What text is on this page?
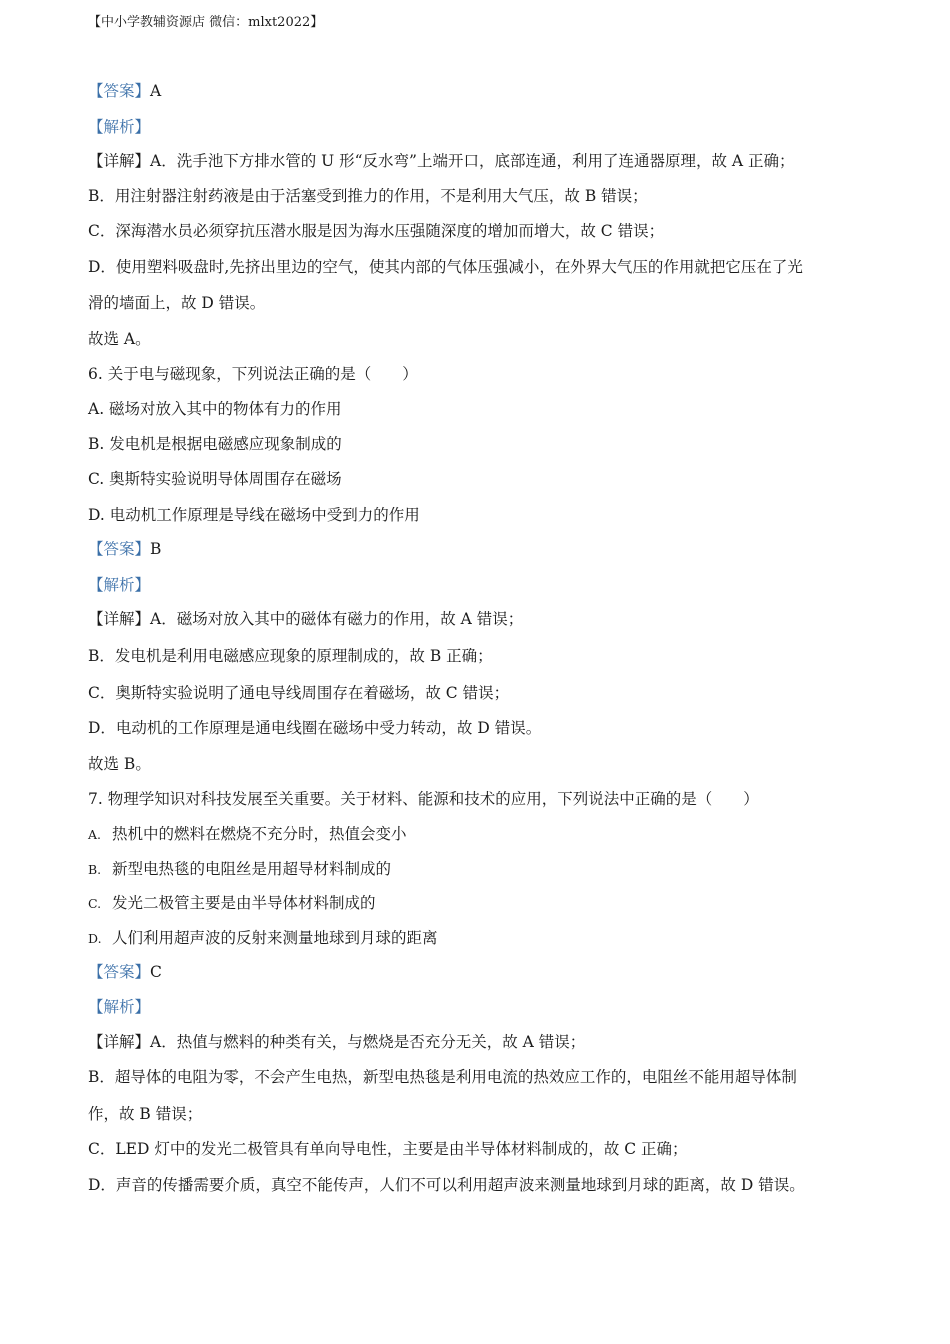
【中小学教辅资源店 微信：mlxt2022】
【答案】A
【解析】
【详解】A．洗手池下方排水管的 U 形“反水弯”上端开口，底部连通，利用了连通器原理，故 A 正确；
B．用注射器注射药液是由于活塞受到推力的作用，不是利用大气压，故 B 错误；
C．深海潜水员必须穿抗压潜水服是因为海水压强随深度的增加而增大，故 C 错误；
D．使用塑料吸盘时,先挤出里边的空气，使其内部的气体压强减小，在外界大气压的作用就把它压在了光
滑的墙面上，故 D 错误。
故选 A。
6. 关于电与磁现象，下列说法正确的是（　　）
A. 磁场对放入其中的物体有力的作用
B. 发电机是根据电磁感应现象制成的
C. 奥斯特实验说明导体周围存在磁场
D. 电动机工作原理是导线在磁场中受到力的作用
【答案】B
【解析】
【详解】A．磁场对放入其中的磁体有磁力的作用，故 A 错误；
B．发电机是利用电磁感应现象的原理制成的，故 B 正确；
C．奥斯特实验说明了通电导线周围存在着磁场，故 C 错误；
D．电动机的工作原理是通电线圈在磁场中受力转动，故 D 错误。
故选 B。
7. 物理学知识对科技发展至关重要。关于材料、能源和技术的应用，下列说法中正确的是（　　）
A. 热机中的燃料在燃烧不充分时，热值会变小
B. 新型电热毯的电阻丝是用超导材料制成的
C. 发光二极管主要是由半导体材料制成的
D. 人们利用超声波的反射来测量地球到月球的距离
【答案】C
【解析】
【详解】A．热值与燃料的种类有关，与燃烧是否充分无关，故 A 错误；
B．超导体的电阻为零，不会产生电热，新型电热毯是利用电流的热效应工作的，电阻丝不能用超导体制
作，故 B 错误；
C．LED 灯中的发光二极管具有单向导电性，主要是由半导体材料制成的，故 C 正确；
D．声音的传播需要介质，真空不能传声，人们不可以利用超声波来测量地球到月球的距离，故 D 错误。
